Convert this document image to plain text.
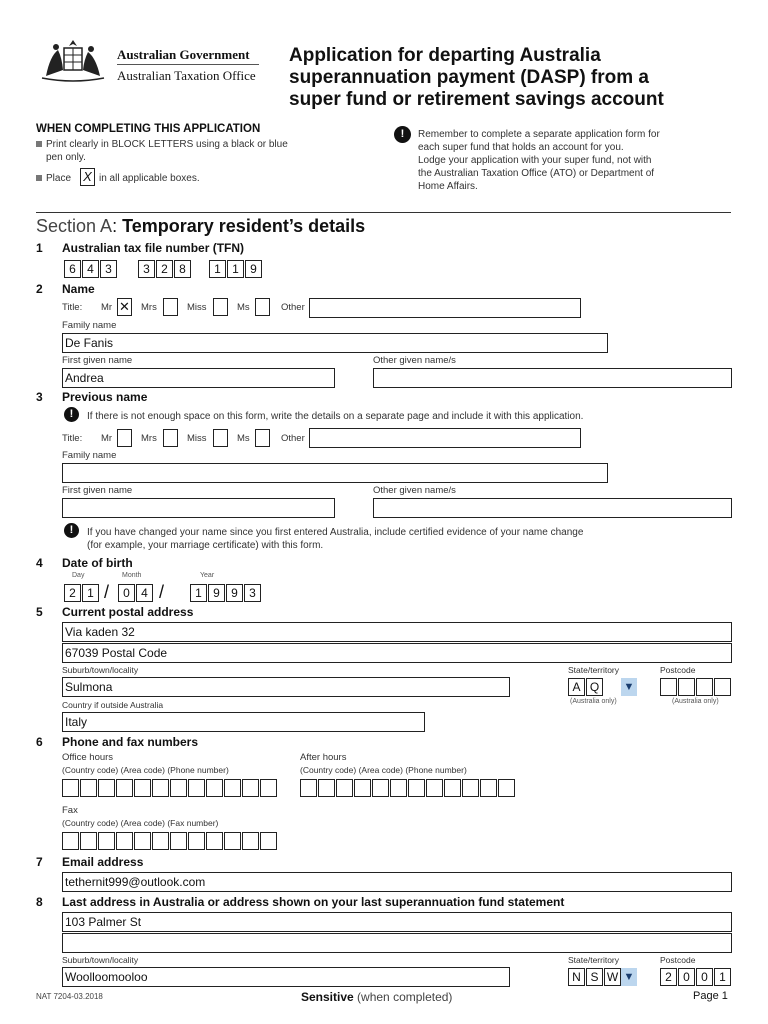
Australian Government
Australian Taxation Office
Application for departing Australia
superannuation payment (DASP) from a
super fund or retirement savings account
WHEN COMPLETING THIS APPLICATION
Print clearly in BLOCK LETTERS using a black or blue
pen only.
Place X in all applicable boxes.
!	Remember to complete a separate application form for
each super fund that holds an account for you.
Lodge your application with your super fund, not with
the Australian Taxation Office (ATO) or Department of
Home Affairs.
Section A: Temporary resident’s details
1 Australian tax file number (TFN)
6 4 3	3 2 8	1 1 9
2 Name
Title: Mr ✕ Mrs	Miss	Ms	Other
Family name
De Fanis
First given name
Andrea
Other given name/s
3 Previous name
!	If there is not enough space on this form, write the details on a separate page and include it with this application.
Title: Mr	Mrs	Miss	Ms	Other
Family name
First given name	Other given name/s
!	If you have changed your name since you first entered Australia, include certified evidence of your name change
(for example, your marriage certificate) with this form.
4 Date of birth
Day	Month	Year
2 1	0 4	1 9 9 3
/	/
5 Current postal address
Via kaden 32
67039 Postal Code
Suburb/town/locality
Sulmona
State/territory
A Q	▼
(Australia only)
Postcode
(Australia only)
Country if outside Australia
Italy
6 Phone and fax numbers
Office hours
(Country code) (Area code) (Phone number)
After hours
(Country code) (Area code) (Phone number)
Fax
(Country code) (Area code) (Fax number)
7 Email address
tethernit999@outlook.com
8 Last address in Australia or address shown on your last superannuation fund statement
103 Palmer St
Suburb/town/locality
Woolloomooloo
State/territory
N S W ▼
Postcode
2 0 0 1
NAT 7204-03.2018	Sensitive (when completed)	Page 1
